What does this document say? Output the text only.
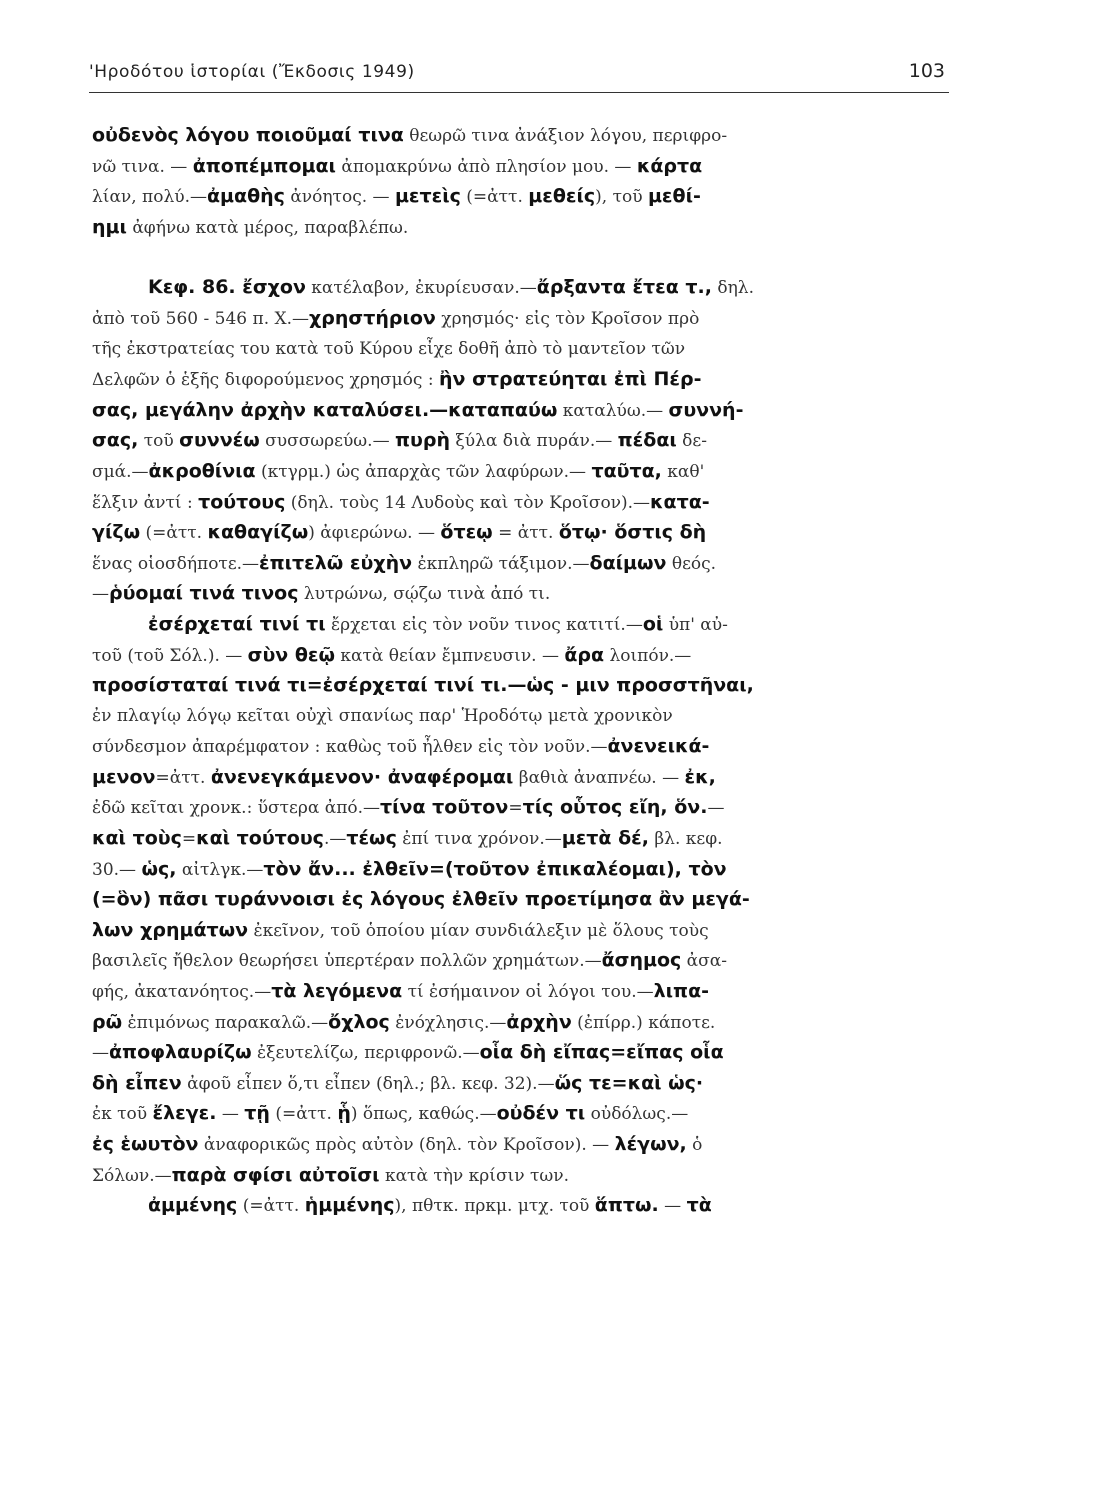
'Ηροδότου ἱστορίαι (Ἔκδοσις 1949)	103
οὐδενὸς λόγου ποιοῦμαί τινα θεωρῶ τινα ἀνάξιον λόγου, περιφρο-
νῶ τινα. — ἀποπέμπομαι ἀπομακρύνω ἀπὸ πλησίον μου. — κάρτα
λίαν, πολύ.—ἀμαθὴς ἀνόητος. — μετεὶς (=ἀττ. μεθείς), τοῦ μεθί-
ημι ἀφήνω κατὰ μέρος, παραβλέπω.
Κεφ. 86. ἔσχον κατέλαβον, ἐκυρίευσαν.—ἄρξαντα ἔτεα τ., δηλ.
ἀπὸ τοῦ 560 - 546 π. Χ.—χρηστήριον χρησμός· εἰς τὸν Κροῖσον πρὸ
τῆς ἐκστρατείας του κατὰ τοῦ Κύρου εἶχε δοθῆ ἀπὸ τὸ μαντεῖον τῶν
Δελφῶν ὁ ἑξῆς διφορούμενος χρησμός : ἢν στρατεύηται ἐπὶ Πέρ-
σας, μεγάλην ἀρχὴν καταλύσει.—καταπαύω καταλύω.— συννή-
σας, τοῦ συννέω συσσωρεύω.— πυρὴ ξύλα διὰ πυράν.— πέδαι δε-
σμά.—ἀκροθίνια (κτγρμ.) ὡς ἀπαρχὰς τῶν λαφύρων.— ταῦτα, καθ'
ἕλξιν ἀντί : τούτους (δηλ. τοὺς 14 Λυδοὺς καὶ τὸν Κροῖσον).—κατα-
γίζω (=ἀττ. καθαγίζω) ἀφιερώνω. — ὅτεῳ = ἀττ. ὅτῳ· ὅστις δὴ
ἕνας οἱοσδήποτε.—ἐπιτελῶ εὐχὴν ἐκπληρῶ τάξιμον.—δαίμων θεός.
—ῥύομαί τινά τινος λυτρώνω, σῴζω τινὰ ἀπό τι.
ἐσέρχεταί τινί τι ἔρχεται εἰς τὸν νοῦν τινος κατιτί.—οἱ ὑπ' αὐ-
τοῦ (τοῦ Σόλ.). — σὺν θεῷ κατὰ θείαν ἔμπνευσιν. — ἄρα λοιπόν.—
προσίσταταί τινά τι=ἐσέρχεταί τινί τι.—ὡς - μιν προσστῆναι,
ἐν πλαγίῳ λόγῳ κεῖται οὐχὶ σπανίως παρ' Ἡροδότῳ μετὰ χρονικὸν
σύνδεσμον ἀπαρέμφατον : καθὼς τοῦ ἦλθεν εἰς τὸν νοῦν.—ἀνενεικά-
μενον=ἀττ. ἀνενεγκάμενον· ἀναφέρομαι βαθιὰ ἀναπνέω. — ἐκ,
ἐδῶ κεῖται χρονκ.: ὕστερα ἀπό.—τίνα τοῦτον=τίς οὗτος εἴη, ὅν.—
καὶ τοὺς=καὶ τούτους.—τέως ἐπί τινα χρόνον.—μετὰ δέ, βλ. κεφ.
30.— ὡς, αἰτλγκ.—τὸν ἄν... ἐλθεῖν=(τοῦτον ἐπικαλέομαι), τὸν
(=ὃν) πᾶσι τυράννοισι ἐς λόγους ἐλθεῖν προετίμησα ἂν μεγά-
λων χρημάτων ἐκεῖνον, τοῦ ὁποίου μίαν συνδιάλεξιν μὲ ὅλους τοὺς
βασιλεῖς ἤθελον θεωρήσει ὑπερτέραν πολλῶν χρημάτων.—ἄσημος ἀσα-
φής, ἀκατανόητος.—τὰ λεγόμενα τί ἐσήμαινον οἱ λόγοι του.—λιπα-
ρῶ ἐπιμόνως παρακαλῶ.—ὄχλος ἐνόχλησις.—ἀρχὴν (ἐπίρρ.) κάποτε.
—ἀποφλαυρίζω ἐξευτελίζω, περιφρονῶ.—οἷα δὴ εἴπας=εἴπας οἷα
δὴ εἶπεν ἀφοῦ εἶπεν ὅ,τι εἶπεν (δηλ.; βλ. κεφ. 32).—ὥς τε=καὶ ὡς·
ἐκ τοῦ ἔλεγε. — τῇ (=ἀττ. ᾗ) ὅπως, καθώς.—οὐδέν τι οὐδόλως.—
ἐς ἑωυτὸν ἀναφορικῶς πρὸς αὐτὸν (δηλ. τὸν Κροῖσον). — λέγων, ὁ
Σόλων.—παρὰ σφίσι αὐτοῖσι κατὰ τὴν κρίσιν των.
ἀμμένης (=ἀττ. ἡμμένης), πθτκ. πρκμ. μτχ. τοῦ ἅπτω. — τὰ
